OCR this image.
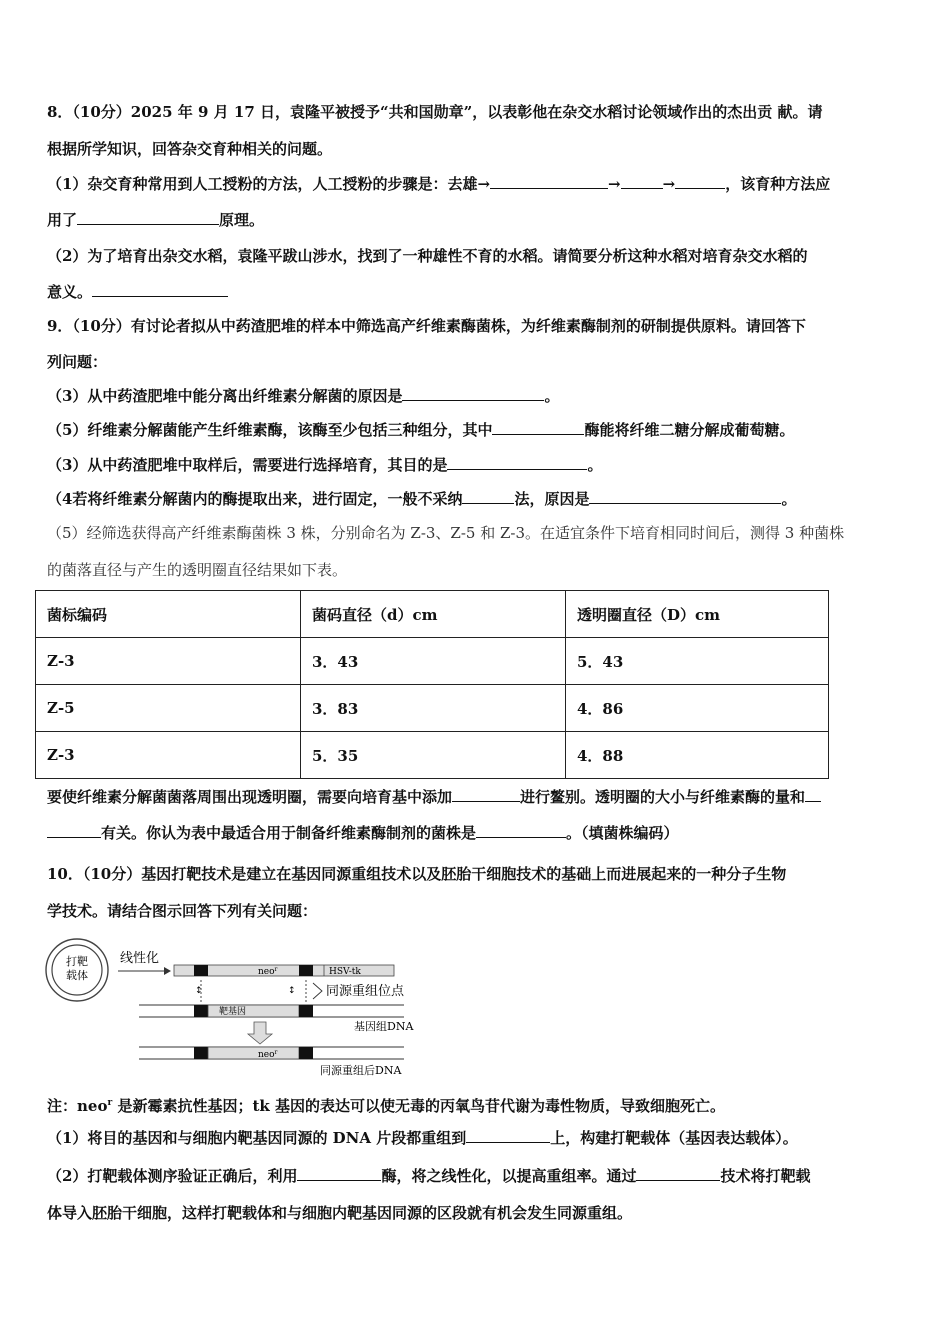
8．（10分）2025 年 9 月 17 日，袁隆平被授予“共和国勋章”，以表彰他在杂交水稻讨论领域作出的杰出贡 献。请
根据所学知识，回答杂交育种相关的问题。
（1）杂交育种常用到人工授粉的方法，人工授粉的步骤是：去雄→	→	→	，该育种方法应
用了	原理。
（2）为了培育出杂交水稻，袁隆平跋山涉水，找到了一种雄性不育的水稻。请简要分析这种水稻对培育杂交水稻的
意义。
9．（10分）有讨论者拟从中药渣肥堆的样本中筛选高产纤维素酶菌株，为纤维素酶制剂的研制提供原料。请回答下
列问题：
（3）从中药渣肥堆中能分离出纤维素分解菌的原因是	。
（5）纤维素分解菌能产生纤维素酶，该酶至少包括三种组分，其中	酶能将纤维二糖分解成葡萄糖。
（3）从中药渣肥堆中取样后，需要进行选择培育，其目的是	。
（4若将纤维素分解菌内的酶提取出来，进行固定，一般不采纳	法，原因是	。
（5）经筛选获得高产纤维素酶菌株 3 株，分别命名为 Z-3、Z-5 和 Z-3。在适宜条件下培育相同时间后，测得 3 种菌株
的菌落直径与产生的透明圈直径结果如下表。
菌标编码	菌码直径（d）cm	透明圈直径（D）cm
Z-3	3．43	5．43
Z-5	3．83	4．86
Z-3	5．35	4．88
要使纤维素分解菌菌落周围出现透明圈，需要向培育基中添加	进行鳌别。透明圈的大小与纤维素酶的量和
有关。你认为表中最适合用于制备纤维素酶制剂的菌株是	。（填菌株编码）
10．（10分）基因打靶技术是建立在基因同源重组技术以及胚胎干细胞技术的基础上而进展起来的一种分子生物
学技术。请结合图示回答下列有关问题：
打靶
载体
线性化
neo$^r$	HSV-tk
↕
↕	同源重组位点
靶基因
基因组DNA
neo$^r$
同源重组后DNA
注：neo$^r$ 是新霉素抗性基因；tk 基因的表达可以使无毒的丙氧鸟苷代谢为毒性物质，导致细胞死亡。
（1）将目的基因和与细胞内靶基因同源的 DNA 片段都重组到	上，构建打靶载体（基因表达载体）。
（2）打靶载体测序验证正确后，利用	酶，将之线性化，以提高重组率。通过	技术将打靶载
体导入胚胎干细胞，这样打靶载体和与细胞内靶基因同源的区段就有机会发生同源重组。
